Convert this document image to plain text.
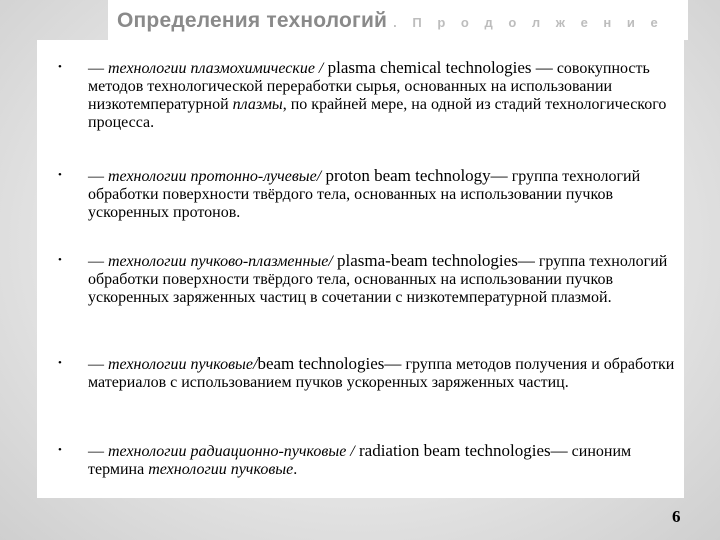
Определения технологий . П р о д о л ж е н и е
• — технологии плазмохимические / plasma chemical technologies — совокупность методов технологической переработки сырья, основанных на использовании низкотемпературной плазмы, по крайней мере, на одной из стадий технологического процесса.
• — технологии протонно-лучевые/ proton beam technology— группа технологий обработки поверхности твёрдого тела, основанных на использовании пучков ускоренных протонов.
• — технологии пучково-плазменные/ plasma-beam technologies— группа технологий обработки поверхности твёрдого тела, основанных на использовании пучков ускоренных заряженных частиц в сочетании с низкотемпературной плазмой.
• — технологии пучковые/beam technologies— группа методов получения и обработки материалов с использованием пучков ускоренных заряженных частиц.
• — технологии радиационно-пучковые / radiation beam technologies— синоним термина технологии пучковые.
6
